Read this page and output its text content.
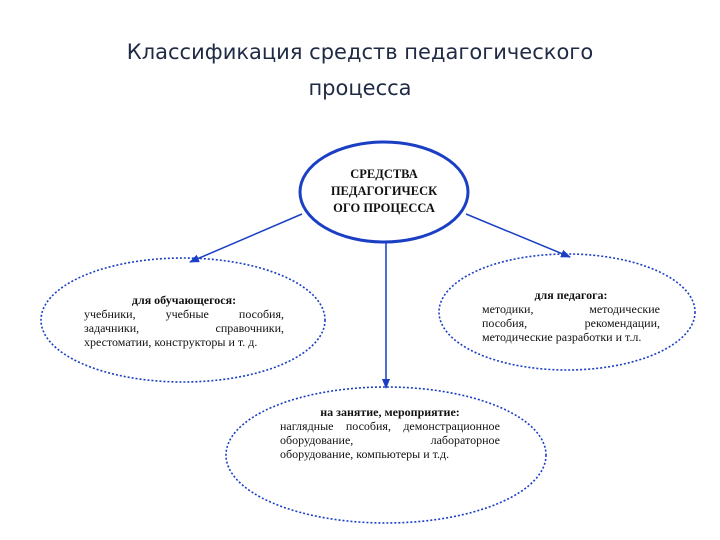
Классификация средств педагогического
процесса
СРЕДСТВА
ПЕДАГОГИЧЕСК
ОГО ПРОЦЕССА
для обучающегося:
учебники,	учебные	пособия,
задачники,	справочники,
хрестоматии, конструкторы и т. д.
для педагога:
методики,	методические
пособия,	рекомендации,
методические разработки и т.л.
на занятие, мероприятие:
наглядные пособия, демонстрационное
оборудование,	лабораторное
оборудование, компьютеры и т.д.
